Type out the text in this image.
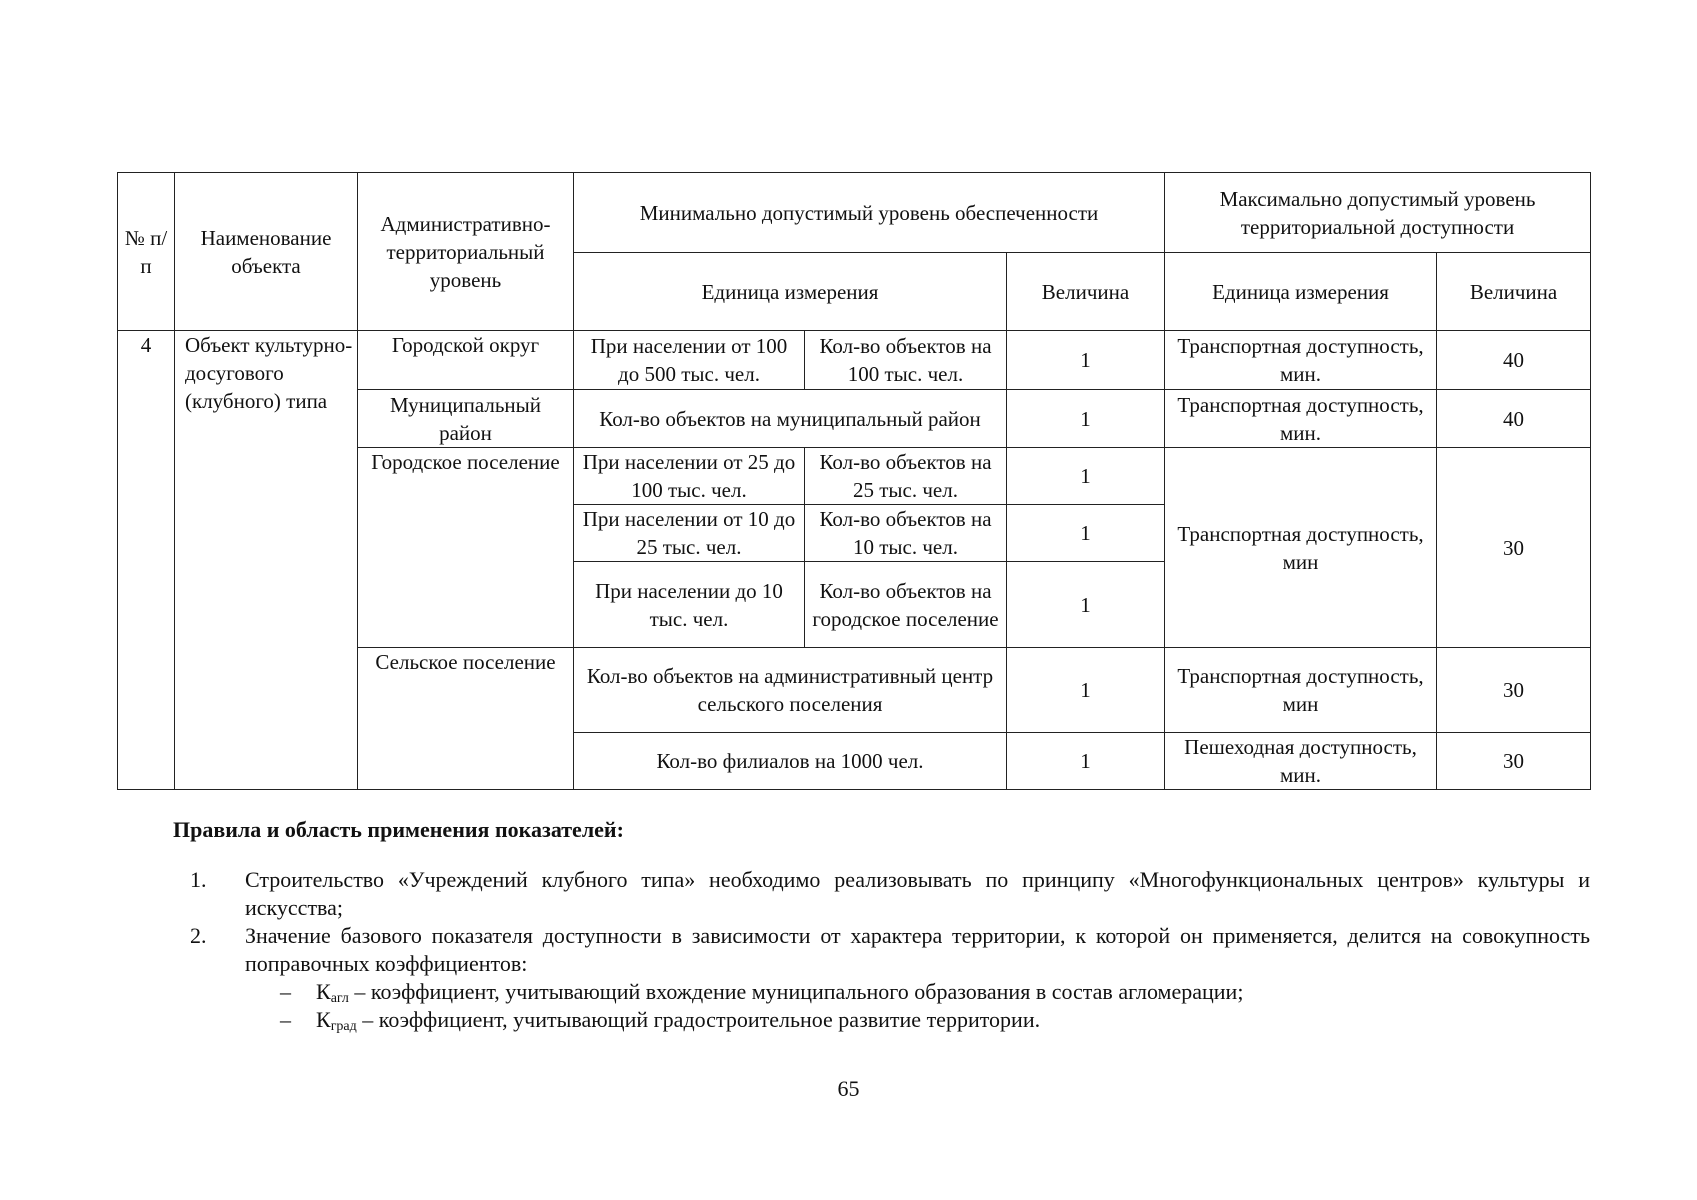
№ п/п	Наименование объекта	Административно-территориальный уровень	Минимально допустимый уровень обеспеченности			Максимально допустимый уровень территориальной доступности	
			Единица измерения		Величина	Единица измерения	Величина
4	Объект культурно-досугового (клубного) типа	Городской округ	При населении от 100 до 500 тыс. чел.	Кол-во объектов на 100 тыс. чел.	1	Транспортная доступность, мин.	40
		Муниципальный район	Кол-во объектов на муниципальный район		1	Транспортная доступность, мин.	40
		Городское поселение	При населении от 25 до 100 тыс. чел.	Кол-во объектов на 25 тыс. чел.	1	Транспортная доступность, мин	30
			При населении от 10 до 25 тыс. чел.	Кол-во объектов на 10 тыс. чел.	1		
			При населении до 10 тыс. чел.	Кол-во объектов на городское поселение	1		
		Сельское поселение	Кол-во объектов на административный центр сельского поселения		1	Транспортная доступность, мин	30
			Кол-во филиалов на 1000 чел.		1	Пешеходная доступность, мин.	30
Правила и область применения показателей:
1. Строительство «Учреждений клубного типа» необходимо реализовывать по принципу «Многофункциональных центров» культуры и искусства;
2. Значение базового показателя доступности в зависимости от характера территории, к которой он применяется, делится на совокупность поправочных коэффициентов:
– $К_{агл}$ – коэффициент, учитывающий вхождение муниципального образования в состав агломерации;
– $К_{град}$ – коэффициент, учитывающий градостроительное развитие территории.
65
